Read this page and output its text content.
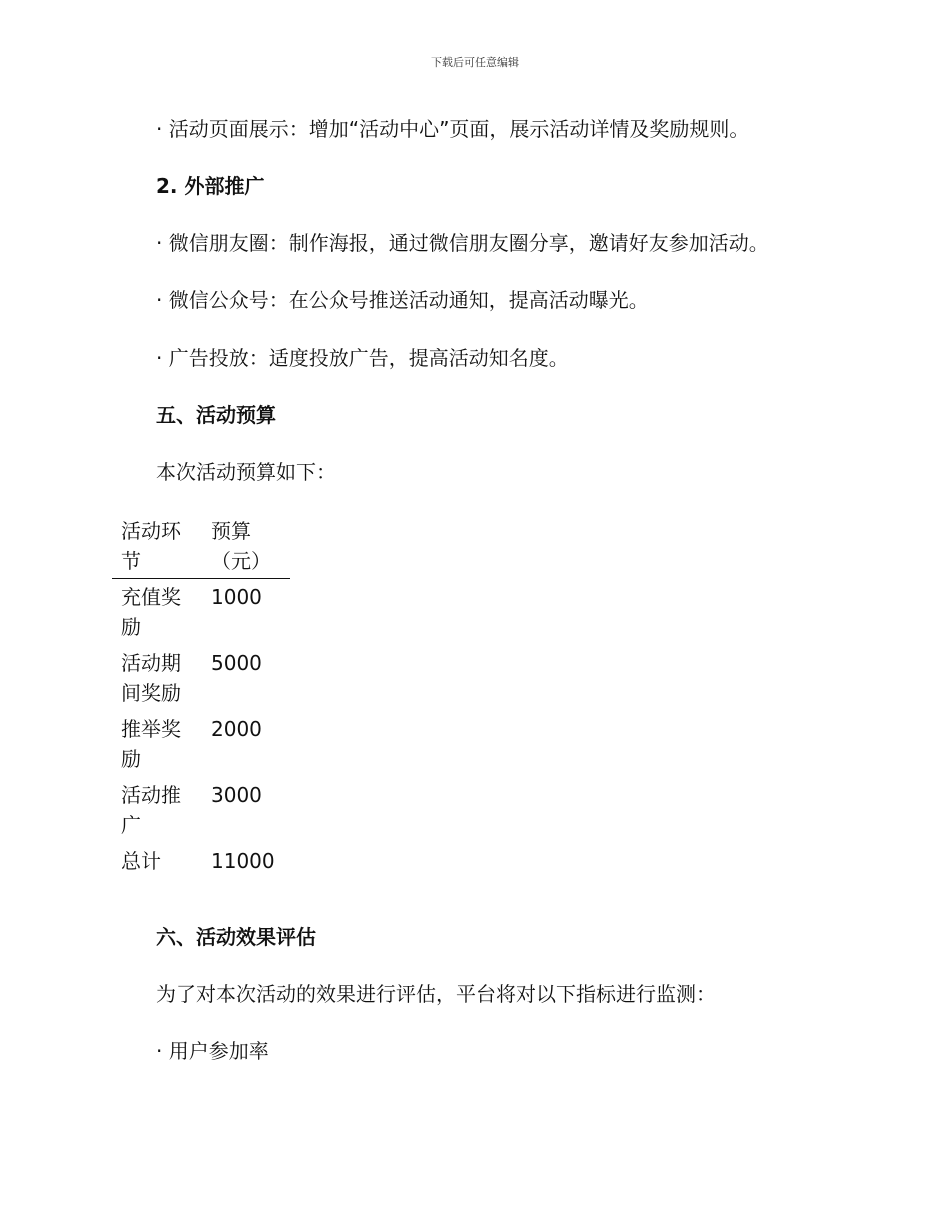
下载后可任意编辑
· 活动页面展示：增加“活动中心”页面，展示活动详情及奖励规则。
2. 外部推广
· 微信朋友圈：制作海报，通过微信朋友圈分享，邀请好友参加活动。
· 微信公众号：在公众号推送活动通知，提高活动曝光。
· 广告投放：适度投放广告，提高活动知名度。
五、活动预算
本次活动预算如下：
活动环节	预算（元）

充值奖励	1000

活动期间奖励	5000

推举奖励	2000

活动推广	3000

总计	11000
六、活动效果评估
为了对本次活动的效果进行评估，平台将对以下指标进行监测：
· 用户参加率
